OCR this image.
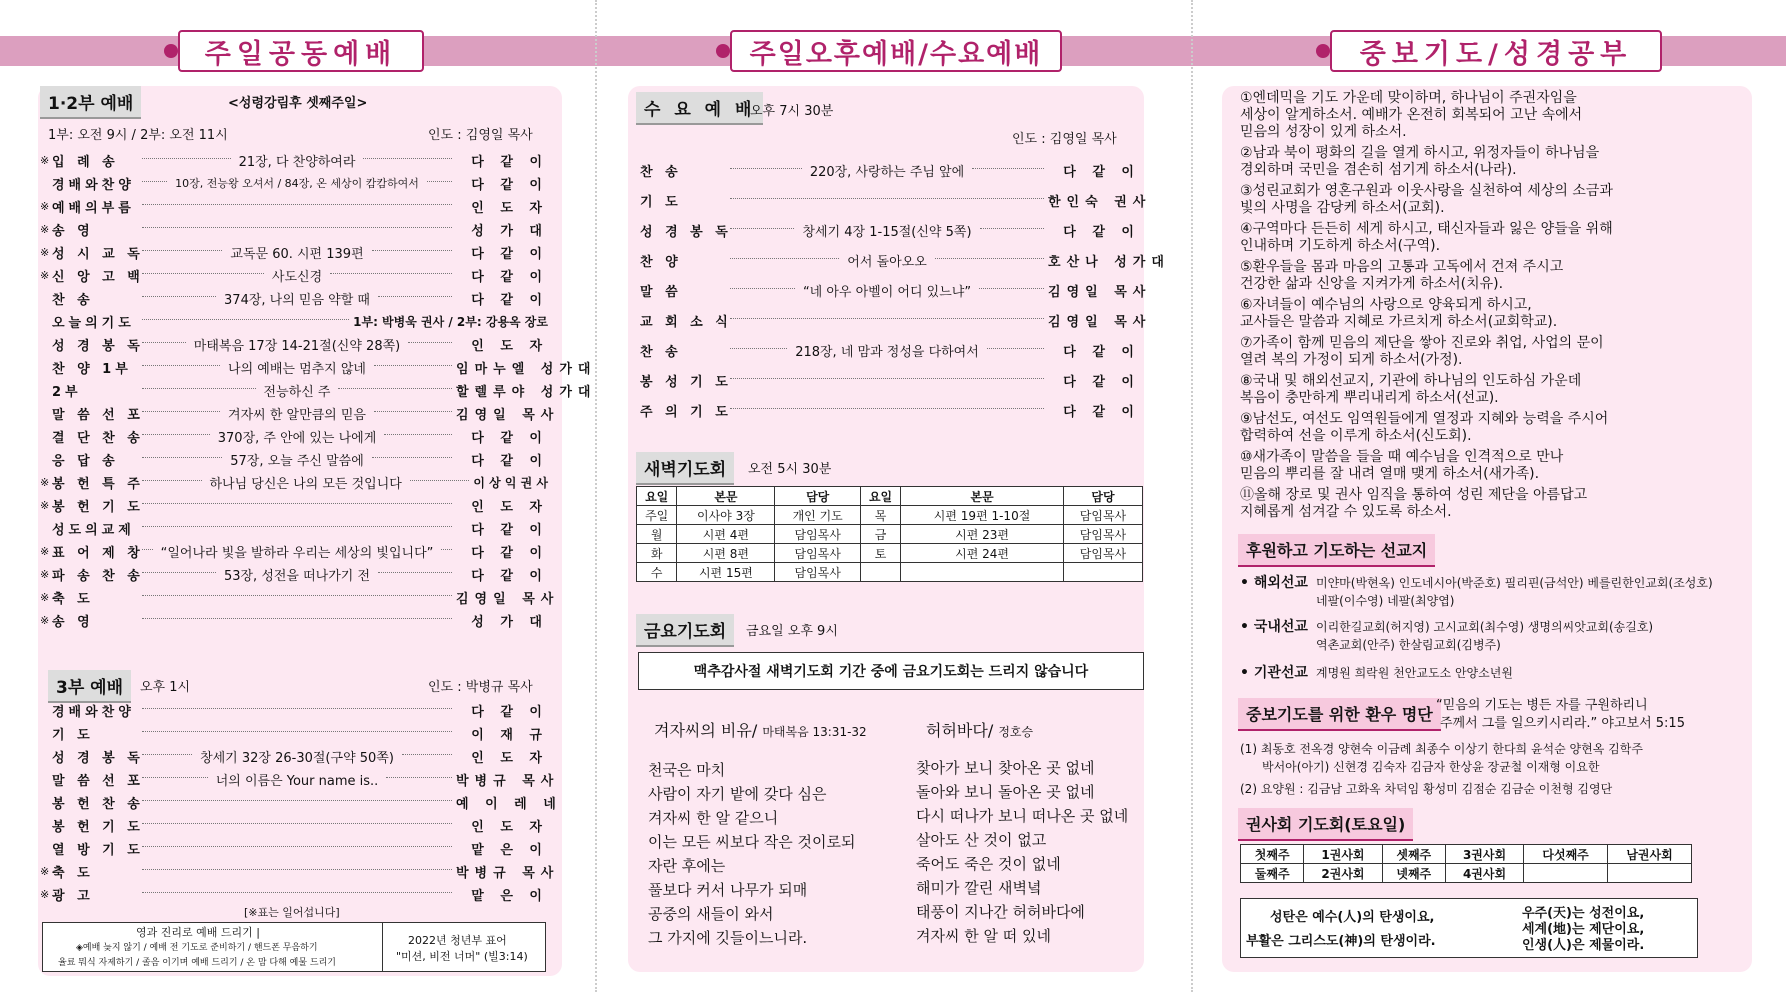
주일공동예배	주일오후예배/수요예배	중보기도/성경공부
1·2부 예배	<성령강림후 셋째주일>
1부: 오전 9시 / 2부: 오전 11시	인도 : 김영일 목사
※ 입 례 송	21장, 다 찬양하여라	다 같 이
경배와찬양	10장, 전능왕 오셔서 / 84장, 온 세상이 캄캄하여서	다 같 이
※ 예배의부름	인 도 자
※ 송 영	성 가 대
※ 성 시 교 독	교독문 60. 시편 139편	다 같 이
※ 신 앙 고 백	사도신경	다 같 이
찬 송	374장, 나의 믿음 약할 때	다 같 이
오늘의기도	1부: 박병욱 권사 / 2부: 강용옥 장로
성 경 봉 독	마태복음 17장 14-21절(신약 28쪽)	인 도 자
찬 양 1부	나의 예배는 멈추지 않네	임마누엘 성가대
2부	전능하신 주	할렐루야 성가대
말 씀 선 포	겨자씨 한 알만큼의 믿음	김영일 목사
결 단 찬 송	370장, 주 안에 있는 나에게	다 같 이
응 답 송	57장, 오늘 주신 말씀에	다 같 이
※ 봉 헌 특 주	하나님 당신은 나의 모든 것입니다	이 상 익 권 사
※ 봉 헌 기 도	인 도 자
성도의교제	다 같 이
※ 표 어 제 창	“일어나라 빛을 발하라 우리는 세상의 빛입니다”	다 같 이
※ 파 송 찬 송	53장, 성전을 떠나가기 전	다 같 이
※ 축 도	김영일 목사
※ 송 영	성 가 대
3부 예배	오후 1시	인도 : 박병규 목사
경배와찬양	다 같 이
기 도	이 재 규
성 경 봉 독	창세기 32장 26-30절(구약 50쪽)	인 도 자
말 씀 선 포	너의 이름은 Your name is..	박병규 목사
봉 헌 찬 송	예 이 레 네
봉 헌 기 도	인 도 자
열 방 기 도	맡 은 이
※ 축 도	박병규 목사
※ 광 고	맡 은 이
[※표는 일어섭니다]
영과 진리로 예배 드리기 |
◈예배 늦지 않기 / 예배 전 기도로 준비하기 / 핸드폰 무음하기
율료 뭐식 자제하기 / 졸음 이기며 예배 드리기 / 온 맘 다해 예물 드리기
2022년 청년부 표어
"미션, 비전 너머" (빌3:14)
수 요 예 배
오후 7시 30분
인도 : 김영일 목사
찬 송	220장, 사랑하는 주님 앞에	다 같 이
기 도	한인숙 권사
성 경 봉 독	창세기 4장 1-15절(신약 5쪽)	다 같 이
찬 양	어서 돌아오오	호산나 성가대
말 씀	“네 아우 아벨이 어디 있느냐”	김영일 목사
교 회 소 식	김영일 목사
찬 송	218장, 네 맘과 정성을 다하여서	다 같 이
봉 성 기 도	다 같 이
주 의 기 도	다 같 이
새벽기도회	오전 5시 30분
요일	본문	담당	요일	본문	담당
주일	이사야 3장	개인 기도	목	시편 19편 1-10절	담임목사
월	시편 4편	담임목사	금	시편 23편	담임목사
화	시편 8편	담임목사	토	시편 24편	담임목사
수	시편 15편	담임목사			
금요기도회	금요일 오후 9시
맥추감사절 새벽기도회 기간 중에 금요기도회는 드리지 않습니다
겨자씨의 비유/ 마태복음 13:31-32	허허바다/ 정호승
천국은 마치
사람이 자기 밭에 갖다 심은
겨자씨 한 알 같으니
이는 모든 씨보다 작은 것이로되
자란 후에는
풀보다 커서 나무가 되매
공중의 새들이 와서
그 가지에 깃들이느니라.
찾아가 보니 찾아온 곳 없네
돌아와 보니 돌아온 곳 없네
다시 떠나가 보니 떠나온 곳 없네
살아도 산 것이 없고
죽어도 죽은 것이 없네
해미가 깔린 새벽녘
태풍이 지나간 허허바다에
겨자씨 한 알 떠 있네
①엔데믹을 기도 가운데 맞이하며, 하나님이 주권자임을
세상이 알게하소서. 예배가 온전히 회복되어 고난 속에서
믿음의 성장이 있게 하소서.
②남과 북이 평화의 길을 열게 하시고, 위정자들이 하나님을
경외하며 국민을 겸손히 섬기게 하소서(나라).
③성린교회가 영혼구원과 이웃사랑을 실천하여 세상의 소금과
빛의 사명을 감당케 하소서(교회).
④구역마다 든든히 세게 하시고, 태신자들과 잃은 양들을 위해
인내하며 기도하게 하소서(구역).
⑤환우들을 몸과 마음의 고통과 고독에서 건져 주시고
건강한 삶과 신앙을 지켜가게 하소서(치유).
⑥자녀들이 예수님의 사랑으로 양육되게 하시고,
교사들은 말씀과 지혜로 가르치게 하소서(교회학교).
⑦가족이 함께 믿음의 제단을 쌓아 진로와 취업, 사업의 문이
열려 복의 가정이 되게 하소서(가정).
⑧국내 및 해외선교지, 기관에 하나님의 인도하심 가운데
복음이 충만하게 뿌리내리게 하소서(선교).
⑨남선도, 여선도 임역원들에게 열정과 지혜와 능력을 주시어
합력하여 선을 이루게 하소서(신도회).
⑩새가족이 말씀을 들을 때 예수님을 인격적으로 만나
믿음의 뿌리를 잘 내려 열매 맺게 하소서(새가족).
⑪올해 장로 및 권사 임직을 통하여 성린 제단을 아름답고
지혜롭게 섬겨갈 수 있도록 하소서.
후원하고 기도하는 선교지
• 해외선교 미얀마(박현옥) 인도네시아(박준호) 필리핀(금석안) 베를린한인교회(조성호)
네팔(이수영) 네팔(최양엽)
• 국내선교 이리한길교회(허지영) 고시교회(최수영) 생명의씨앗교회(송길호)
역촌교회(안주) 한살림교회(김병주)
• 기관선교 계명원 희락원 천안교도소 안양소년원
중보기도를 위한 환우 명단 “믿음의 기도는 병든 자를 구원하리니
주께서 그를 일으키시리라.” 야고보서 5:15
(1) 최동호 전옥경 양현숙 이금례 최종수 이상기 한다희 윤석순 양현옥 김학주
박서아(아기) 신현경 김숙자 김금자 한상윤 장균철 이재형 이요한
(2) 요양원 : 김금남 고화옥 차덕임 황성미 김점순 김금순 이천형 김영단
권사회 기도회(토요일)
첫째주	1권사회	셋째주	3권사회	다섯째주	남권사회
둘째주	2권사회	넷째주	4권사회		
성탄은 예수(人)의 탄생이요,
부활은 그리스도(神)의 탄생이라.
우주(天)는 성전이요,
세계(地)는 제단이요,
인생(人)은 제물이라.
